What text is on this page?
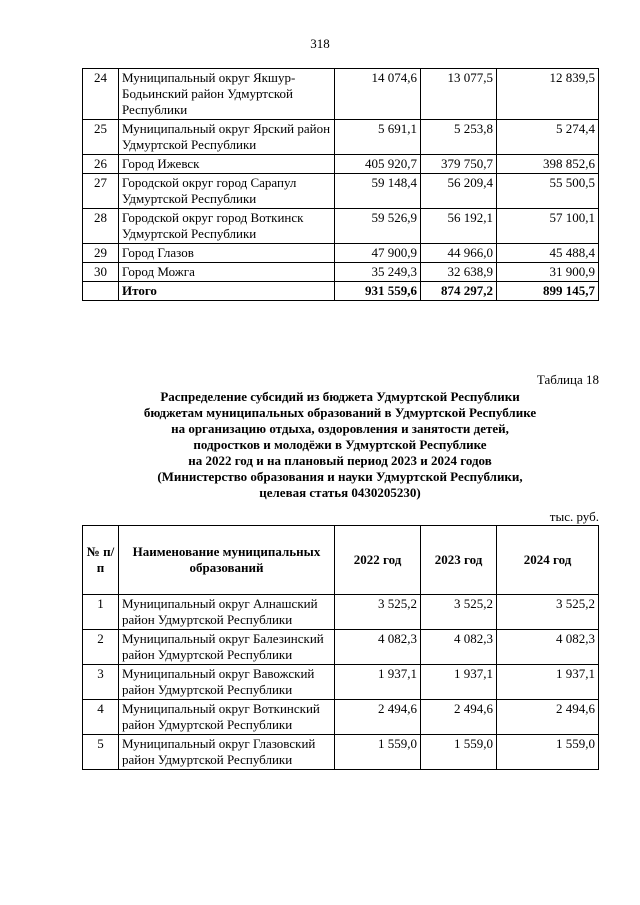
318
24	Муниципальный округ Якшур-Бодьинский район Удмуртской Республики	14 074,6	13 077,5	12 839,5
25	Муниципальный округ Ярский район Удмуртской Республики	5 691,1	5 253,8	5 274,4
26	Город Ижевск	405 920,7	379 750,7	398 852,6
27	Городской округ город Сарапул Удмуртской Республики	59 148,4	56 209,4	55 500,5
28	Городской округ город Воткинск Удмуртской Республики	59 526,9	56 192,1	57 100,1
29	Город Глазов	47 900,9	44 966,0	45 488,4
30	Город Можга	35 249,3	32 638,9	31 900,9
	Итого	931 559,6	874 297,2	899 145,7
Таблица 18
Распределение субсидий из бюджета Удмуртской Республики
бюджетам муниципальных образований в Удмуртской Республике
на организацию отдыха, оздоровления и занятости детей,
подростков и молодёжи в Удмуртской Республике
на 2022 год и на плановый период 2023 и 2024 годов
(Министерство образования и науки Удмуртской Республики,
целевая статья 0430205230)
тыс. руб.
№ п/п	Наименование муниципальных образований	2022 год	2023 год	2024 год
1	Муниципальный округ Алнашский район Удмуртской Республики	3 525,2	3 525,2	3 525,2
2	Муниципальный округ Балезинский район Удмуртской Республики	4 082,3	4 082,3	4 082,3
3	Муниципальный округ Вавожский район Удмуртской Республики	1 937,1	1 937,1	1 937,1
4	Муниципальный округ Воткинский район Удмуртской Республики	2 494,6	2 494,6	2 494,6
5	Муниципальный округ Глазовский район Удмуртской Республики	1 559,0	1 559,0	1 559,0
